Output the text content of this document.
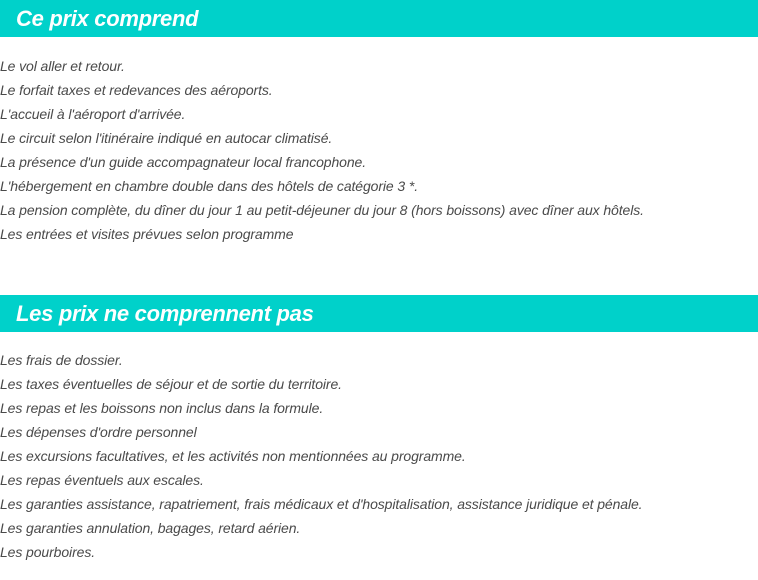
Ce prix comprend
Le vol aller et retour.
Le forfait taxes et redevances des aéroports.
L'accueil à l'aéroport d'arrivée.
Le circuit selon l'itinéraire indiqué en autocar climatisé.
La présence d'un guide accompagnateur local francophone.
L'hébergement en chambre double dans des hôtels de catégorie 3 *.
La pension complète, du dîner du jour 1 au petit-déjeuner du jour 8 (hors boissons) avec dîner aux hôtels.
Les entrées et visites prévues selon programme
Les prix ne comprennent pas
Les frais de dossier.
Les taxes éventuelles de séjour et de sortie du territoire.
Les repas et les boissons non inclus dans la formule.
Les dépenses d'ordre personnel
Les excursions facultatives, et les activités non mentionnées au programme.
Les repas éventuels aux escales.
Les garanties assistance, rapatriement, frais médicaux et d'hospitalisation, assistance juridique et pénale.
Les garanties annulation, bagages, retard aérien.
Les pourboires.
